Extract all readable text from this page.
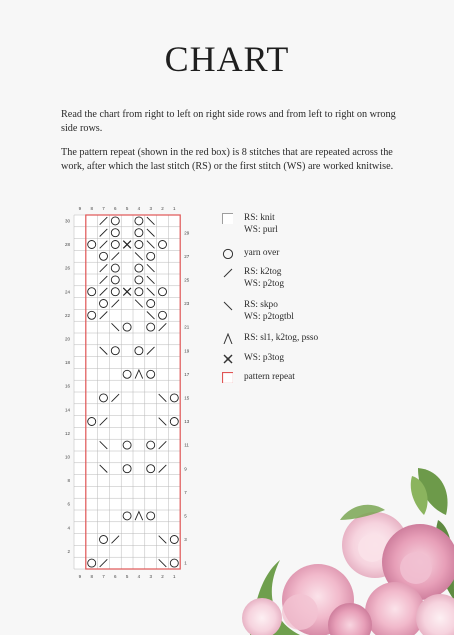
CHART

Read the chart from right to left on right side rows and from left to right on wrong side rows.

The pattern repeat (shown in the red box) is 8 stitches that are repeated across the work, after which the last stitch (RS) or the first stitch (WS) are worked knitwise.

9
9
8
8
7
7
6
6
5
5
4
4
3
3
2
2
1
1
30
29
28
27
26
25
24
23
22
21
20
19
18
17
16
15
14
13
12
11
10
9
8
7
6
5
4
3
2
1
RS: knit
WS: purl
yarn over
RS: k2tog
WS: p2tog
RS: skpo
WS: p2togtbl
RS: sl1, k2tog, psso
WS: p3tog
pattern repeat
